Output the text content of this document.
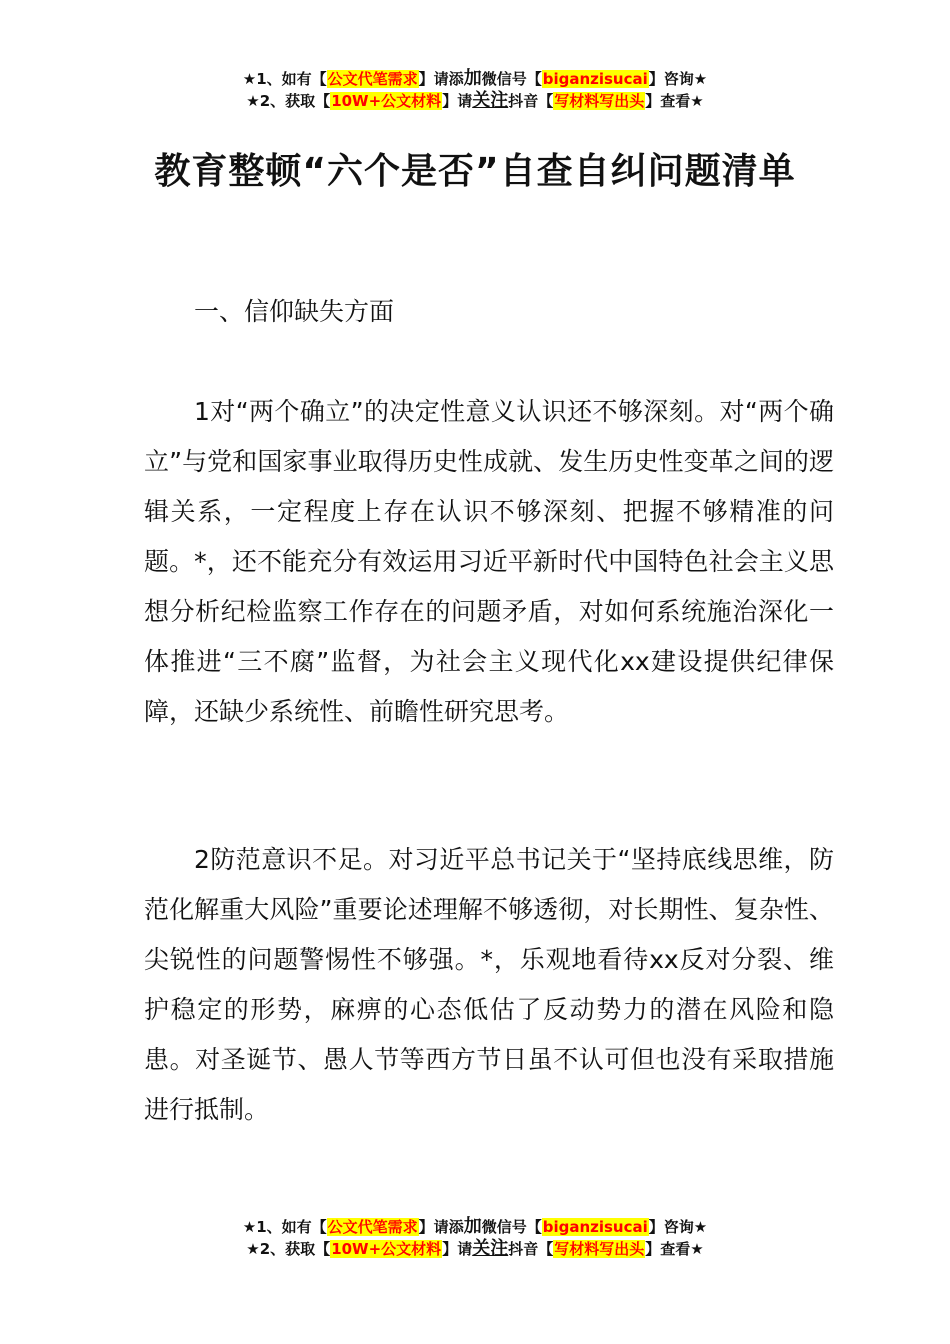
★1、如有【公文代笔需求】请添加微信号【biganzisucai】咨询★
★2、获取【10W+公文材料】请关注抖音【写材料写出头】查看★
教育整顿“六个是否”自查自纠问题清单
一、信仰缺失方面
1对“两个确立”的决定性意义认识还不够深刻。对“两个确立”与党和国家事业取得历史性成就、发生历史性变革之间的逻辑关系，一定程度上存在认识不够深刻、把握不够精准的问题。*，还不能充分有效运用习近平新时代中国特色社会主义思想分析纪检监察工作存在的问题矛盾，对如何系统施治深化一体推进“三不腐”监督，为社会主义现代化xx建设提供纪律保障，还缺少系统性、前瞻性研究思考。
2防范意识不足。对习近平总书记关于“坚持底线思维，防范化解重大风险”重要论述理解不够透彻，对长期性、复杂性、尖锐性的问题警惕性不够强。*，乐观地看待xx反对分裂、维护稳定的形势，麻痹的心态低估了反动势力的潜在风险和隐患。对圣诞节、愚人节等西方节日虽不认可但也没有采取措施进行抵制。
★1、如有【公文代笔需求】请添加微信号【biganzisucai】咨询★
★2、获取【10W+公文材料】请关注抖音【写材料写出头】查看★
